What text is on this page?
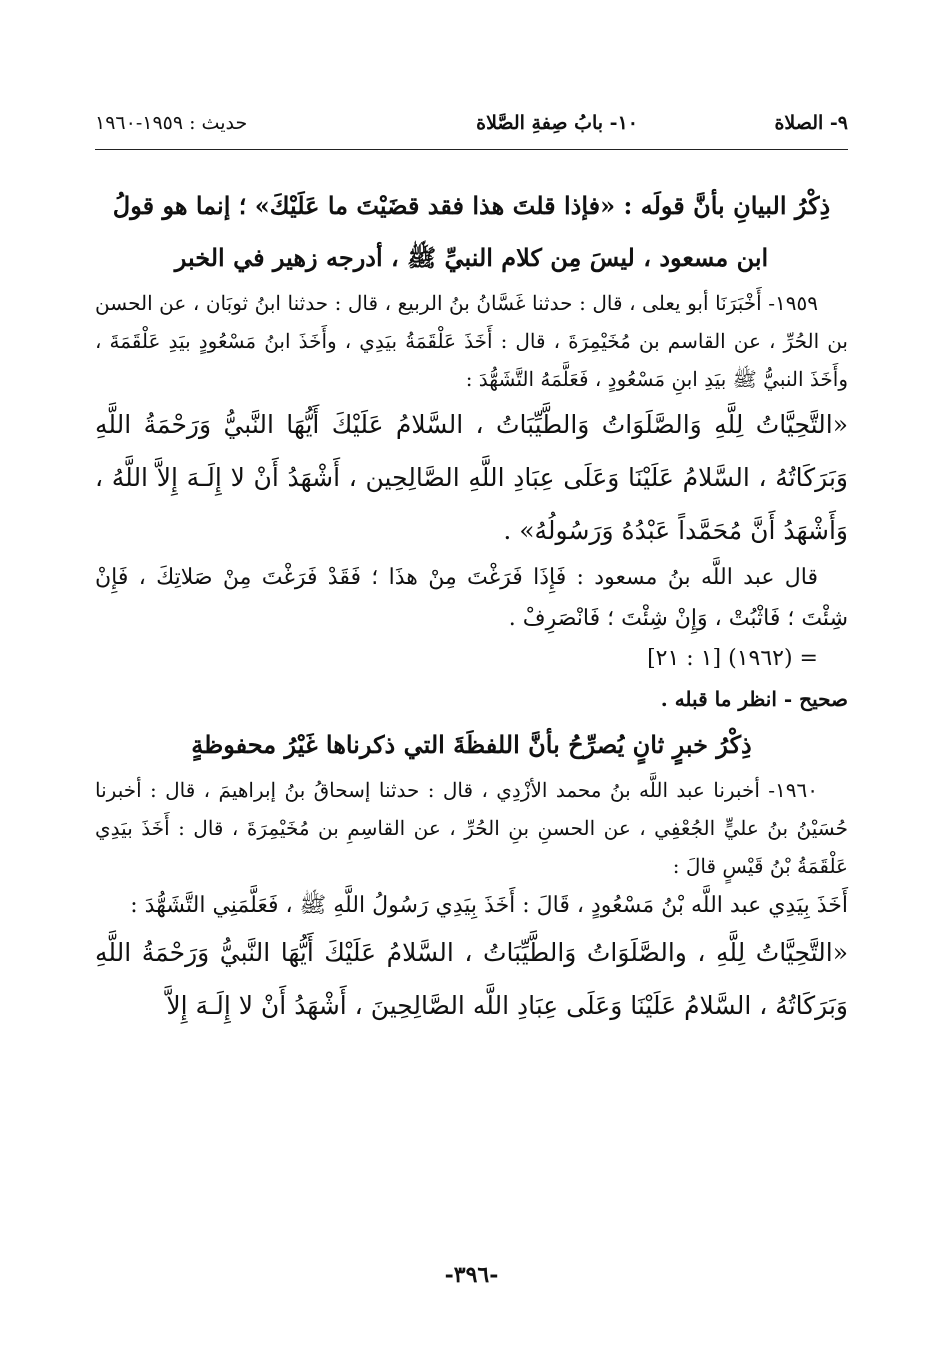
٩- الصلاة
١٠- بابُ صِفةِ الصَّلاة
حديث : ١٩٥٩-١٩٦٠

ذِكْرُ البيانِ بأنَّ قولَه : «فإذا قلتَ هذا فقد قضَيْتَ ما عَلَيْكَ» ؛ إنما هو قولُ ابن مسعود ، ليسَ مِن كلام النبيِّ ﷺ ، أدرجه زهير في الخبر

١٩٥٩- أَخْبَرَنَا أبو يعلى ، قال : حدثنا غَسَّانُ بنُ الربيع ، قال : حدثنا ابنُ ثوبَان ، عن الحسن بن الحُرِّ ، عن القاسم بن مُخَيْمِرَةَ ، قال : أَخَذَ عَلْقَمَةُ بيَدِي ، وأَخَذَ ابنُ مَسْعُودٍ بيَدِ عَلْقَمَةَ ، وأَخَذَ النبيُّ ﷺ بيَدِ ابنِ مَسْعُودٍ ، فَعَلَّمَهُ التَّشَهُّدَ :

«التَّحِيَّاتُ لِلَّهِ وَالصَّلَوَاتُ وَالطَّيِّبَاتُ ، السَّلامُ عَلَيْكَ أَيُّهَا النَّبيُّ وَرَحْمَةُ اللَّهِ وَبَرَكَاتُهُ ، السَّلامُ عَلَيْنَا وَعَلَى عِبَادِ اللَّهِ الصَّالِحِين ، أَشْهَدُ أَنْ لا إِلَـهَ إِلاَّ اللَّهُ ، وَأَشْهَدُ أَنَّ مُحَمَّداً عَبْدُهُ وَرَسُولُهُ» .

قال عبد اللَّه بنُ مسعود : فَإِذَا فَرَغْتَ مِنْ هذَا ؛ فَقَدْ فَرَغْتَ مِنْ صَلاتِكَ ، فَإِنْ شِئْتَ ؛ فَاثْبُتْ ، وَإِنْ شِئْتَ ؛ فَانْصَرِفْ .

= (١٩٦٢) [١ : ٢١]

صحيح - انظر ما قبله .

ذِكْرُ خبرٍ ثانٍ يُصرِّحُ بأنَّ اللفظَةَ التي ذكرناها غَيْرُ محفوظةٍ

١٩٦٠- أخبرنا عبد اللَّه بنُ محمد الأزْدِي ، قال : حدثنا إسحاقُ بنُ إبراهيمَ ، قال : أخبرنا حُسَيْنُ بنُ عليٍّ الجُعْفِي ، عن الحسنِ بنِ الحُرِّ ، عن القاسِمِ بن مُخَيْمِرَةَ ، قال : أَخَذَ بيَدِي عَلْقَمَةُ بْنُ قَيْسٍ قالَ :

أَخَذَ بِيَدِي عبد اللَّه بْنُ مَسْعُودٍ ، قَالَ : أَخَذَ بِيَدِي رَسُولُ اللَّهِ ﷺ ، فَعَلَّمَنِي التَّشَهُّدَ :

«التَّحِيَّاتُ لِلَّهِ ، والصَّلَوَاتُ وَالطَّيِّبَاتُ ، السَّلامُ عَلَيْكَ أَيُّهَا النَّبيُّ وَرَحْمَةُ اللَّهِ وَبَرَكَاتُهُ ، السَّلامُ عَلَيْنَا وَعَلَى عِبَادِ اللَّه الصَّالِحِينَ ، أَشْهَدُ أَنْ لا إِلَـهَ إِلاَّ

-٣٩٦-
